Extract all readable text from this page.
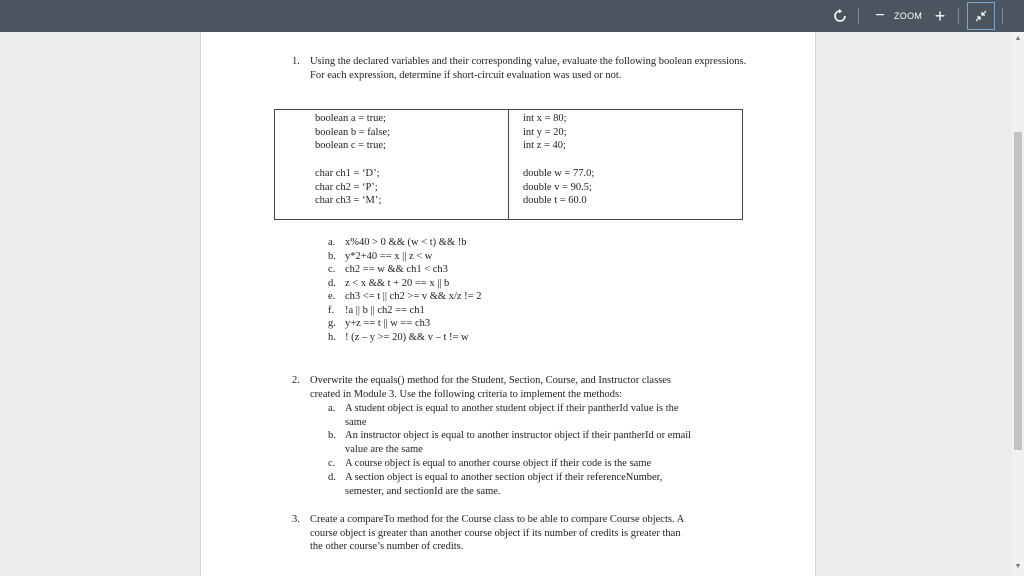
−	ZOOM +
1. Using the declared variables and their corresponding value, evaluate the following boolean expressions. For each expression, determine if short-circuit evaluation was used or not.
boolean a = true;
boolean b = false;
boolean c = true;
char ch1 = ‘D’;
char ch2 = ‘P’;
char ch3 = ‘M’;
int x = 80;
int y = 20;
int z = 40;
double w = 77.0;
double v = 90.5;
double t = 60.0
a. x%40 > 0 && (w < t) && !b
b. y*2+40 == x || z < w
c. ch2 == w && ch1 < ch3
d. z < x && t + 20 == x || b
e. ch3 <= t || ch2 >= v && x/z != 2
f. !a || b || ch2 == ch1
g. y+z == t || w == ch3
h. ! (z – y >= 20) && v – t != w
2. Overwrite the equals() method for the Student, Section, Course, and Instructor classes
created in Module 3. Use the following criteria to implement the methods:
a. A student object is equal to another student object if their pantherId value is the
same
b. An instructor object is equal to another instructor object if their pantherId or email
value are the same
c. A course object is equal to another course object if their code is the same
d. A section object is equal to another section object if their referenceNumber,
semester, and sectionId are the same.
3. Create a compareTo method for the Course class to be able to compare Course objects. A
course object is greater than another course object if its number of credits is greater than
the other course’s number of credits.
▲
▼
